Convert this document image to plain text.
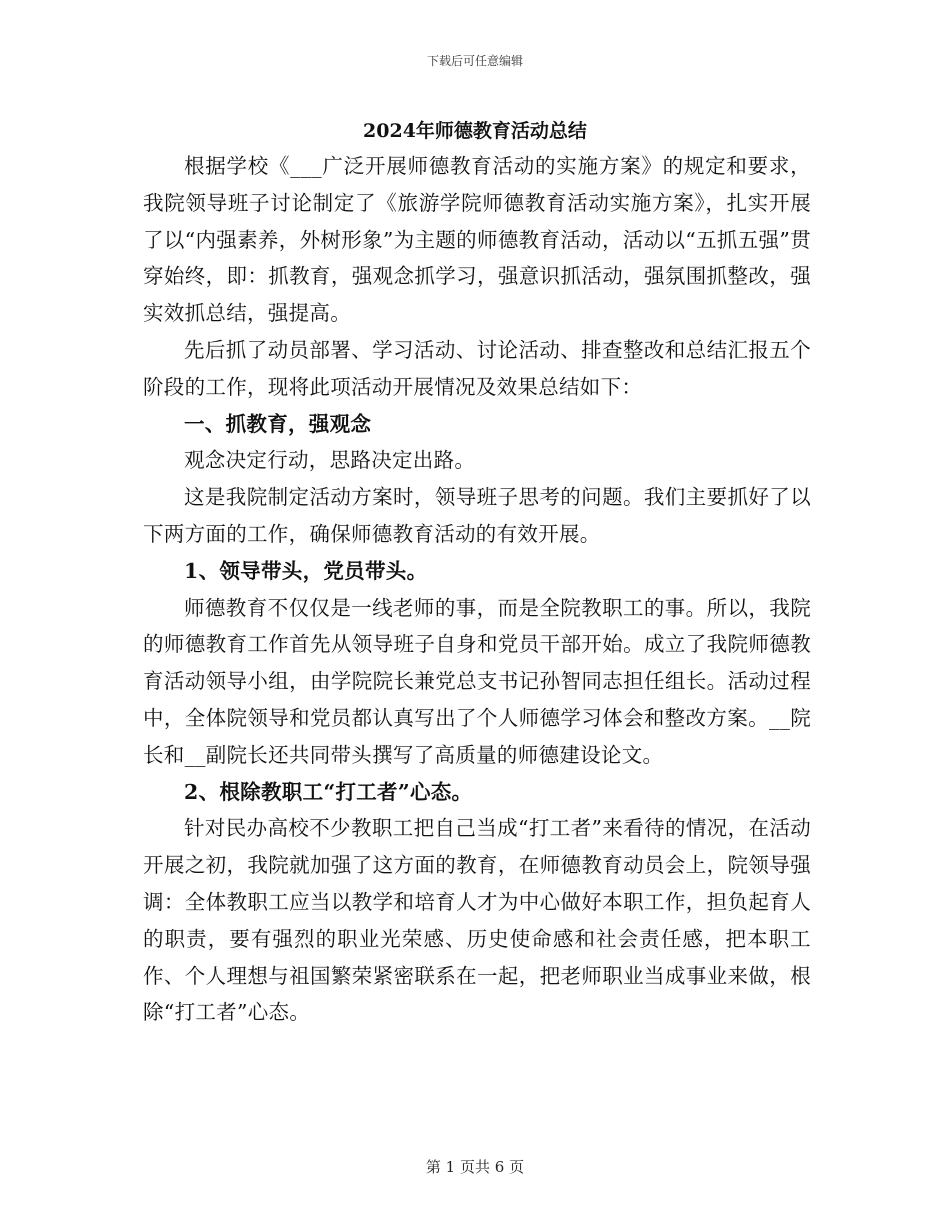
下载后可任意编辑
2024年师德教育活动总结

根据学校《___广泛开展师德教育活动的实施方案》的规定和要求，我院领导班子讨论制定了《旅游学院师德教育活动实施方案》，扎实开展了以“内强素养，外树形象”为主题的师德教育活动，活动以“五抓五强”贯穿始终，即：抓教育，强观念抓学习，强意识抓活动，强氛围抓整改，强实效抓总结，强提高。

先后抓了动员部署、学习活动、讨论活动、排查整改和总结汇报五个阶段的工作，现将此项活动开展情况及效果总结如下：

一、抓教育，强观念

观念决定行动，思路决定出路。

这是我院制定活动方案时，领导班子思考的问题。我们主要抓好了以下两方面的工作，确保师德教育活动的有效开展。

1、领导带头，党员带头。

师德教育不仅仅是一线老师的事，而是全院教职工的事。所以，我院的师德教育工作首先从领导班子自身和党员干部开始。成立了我院师德教育活动领导小组，由学院院长兼党总支书记孙智同志担任组长。活动过程中，全体院领导和党员都认真写出了个人师德学习体会和整改方案。__院长和__副院长还共同带头撰写了高质量的师德建设论文。

2、根除教职工“打工者”心态。

针对民办高校不少教职工把自己当成“打工者”来看待的情况，在活动开展之初，我院就加强了这方面的教育，在师德教育动员会上，院领导强调：全体教职工应当以教学和培育人才为中心做好本职工作，担负起育人的职责，要有强烈的职业光荣感、历史使命感和社会责任感，把本职工作、个人理想与祖国繁荣紧密联系在一起，把老师职业当成事业来做，根除“打工者”心态。

第 1 页共 6 页
